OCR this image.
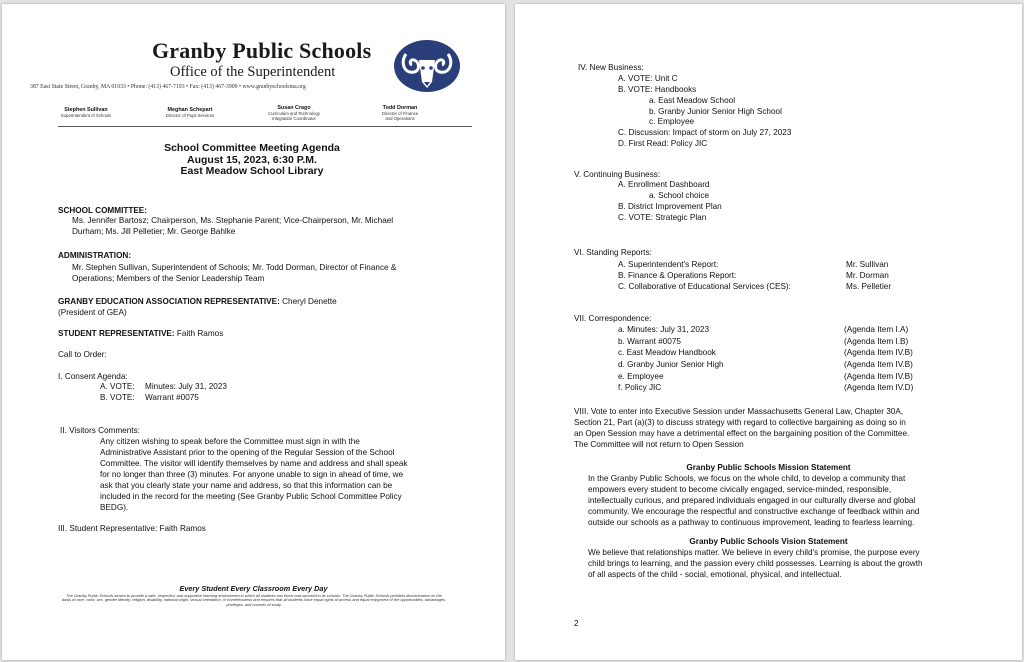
Granby Public Schools
Office of the Superintendent
387 East State Street, Granby, MA 01033 • Phone: (413) 467-7193 • Fax: (413) 467-3909 • www.granbyschoolsma.org
Stephen Sullivan
Superintendent of Schools
Meghan Schepart
Director of Pupil Services
Susan Crago
Curriculum and Technology
Integration Coordinator
Todd Dorman
Director of Finance
and Operations
School Committee Meeting Agenda
August 15, 2023, 6:30 P.M.
East Meadow School Library
SCHOOL COMMITTEE:
Ms. Jennifer Bartosz; Chairperson, Ms. Stephanie Parent; Vice-Chairperson, Mr. Michael
Durham; Ms. Jill Pelletier; Mr. George Bahlke
ADMINISTRATION:
Mr. Stephen Sullivan, Superintendent of Schools; Mr. Todd Dorman, Director of Finance &
Operations; Members of the Senior Leadership Team
GRANBY EDUCATION ASSOCIATION REPRESENTATIVE: Cheryl Denette
(President of GEA)
STUDENT REPRESENTATIVE: Faith Ramos
Call to Order:
I. Consent Agenda:
A. VOTE: Minutes: July 31, 2023
B. VOTE: Warrant #0075
II. Visitors Comments:
Any citizen wishing to speak before the Committee must sign in with the
Administrative Assistant prior to the opening of the Regular Session of the School
Committee. The visitor will identify themselves by name and address and shall speak
for no longer than three (3) minutes. For anyone unable to sign in ahead of time, we
ask that you clearly state your name and address, so that this information can be
included in the record for the meeting (See Granby Public School Committee Policy
BEDG).
III. Student Representative: Faith Ramos
Every Student Every Classroom Every Day
The Granby Public Schools strives to provide a safe, respectful, and supportive learning environment in which all students can thrive and succeed in its schools. The Granby Public Schools prohibits discrimination on the basis of race, color, sex, gender identity, religion, disability, national origin, sexual orientation, or homelessness and ensures that all students have equal rights of access and equal enjoyment of the opportunities, advantages, privileges, and courses of study.
IV. New Business:
A. VOTE: Unit C
B. VOTE: Handbooks
a. East Meadow School
b. Granby Junior Senior High School
c. Employee
C. Discussion: Impact of storm on July 27, 2023
D. First Read: Policy JIC
V. Continuing Business:
A. Enrollment Dashboard
a. School choice
B. District Improvement Plan
C. VOTE: Strategic Plan
VI. Standing Reports:
A. Superintendent's Report:	Mr. Sullivan
B. Finance & Operations Report:	Mr. Dorman
C. Collaborative of Educational Services (CES):	Ms. Pelletier
VII. Correspondence:
a. Minutes: July 31, 2023	(Agenda Item I.A)
b. Warrant #0075	(Agenda Item I.B)
c. East Meadow Handbook	(Agenda Item IV.B)
d. Granby Junior Senior High	(Agenda Item IV.B)
e. Employee	(Agenda Item IV.B)
f. Policy JIC	(Agenda Item IV.D)
VIII. Vote to enter into Executive Session under Massachusetts General Law, Chapter 30A,
Section 21, Part (a)(3) to discuss strategy with regard to collective bargaining as doing so in
an Open Session may have a detrimental effect on the bargaining position of the Committee.
The Committee will not return to Open Session
Granby Public Schools Mission Statement
In the Granby Public Schools, we focus on the whole child, to develop a community that
empowers every student to become civically engaged, service-minded, responsible,
intellectually curious, and prepared individuals engaged in our culturally diverse and global
community. We encourage the respectful and constructive exchange of feedback within and
outside our schools as a pathway to continuous improvement, leading to fearless learning.
Granby Public Schools Vision Statement
We believe that relationships matter. We believe in every child's promise, the purpose every
child brings to learning, and the passion every child possesses. Learning is about the growth
of all aspects of the child - social, emotional, physical, and intellectual.
2
